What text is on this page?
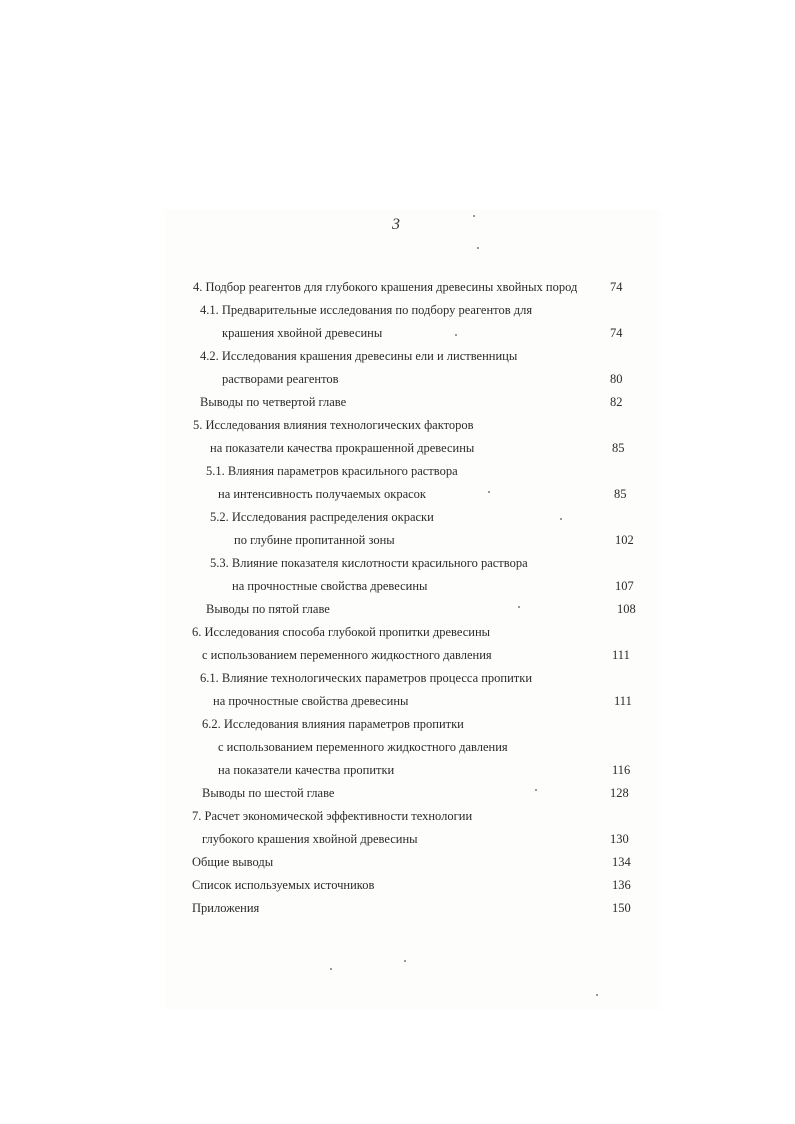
3
4. Подбор реагентов для глубокого крашения древесины хвойных пород	74
4.1. Предварительные исследования по подбору реагентов для
крашения хвойной древесины	74
4.2. Исследования крашения древесины ели и лиственницы
растворами реагентов	80
Выводы по четвертой главе	82
5. Исследования влияния технологических факторов
на показатели качества прокрашенной древесины	85
5.1. Влияния параметров красильного раствора
на интенсивность получаемых окрасок	85
5.2. Исследования распределения окраски
по глубине пропитанной зоны	102
5.3. Влияние показателя кислотности красильного раствора
на прочностные свойства древесины	107
Выводы по пятой главе	108
6. Исследования способа глубокой пропитки древесины
с использованием переменного жидкостного давления	111
6.1. Влияние технологических параметров процесса пропитки
на прочностные свойства древесины	111
6.2. Исследования влияния параметров пропитки
с использованием переменного жидкостного давления
на показатели качества пропитки	116
Выводы по шестой главе	128
7. Расчет экономической эффективности технологии
глубокого крашения хвойной древесины	130
Общие выводы	134
Список используемых источников	136
Приложения	150
